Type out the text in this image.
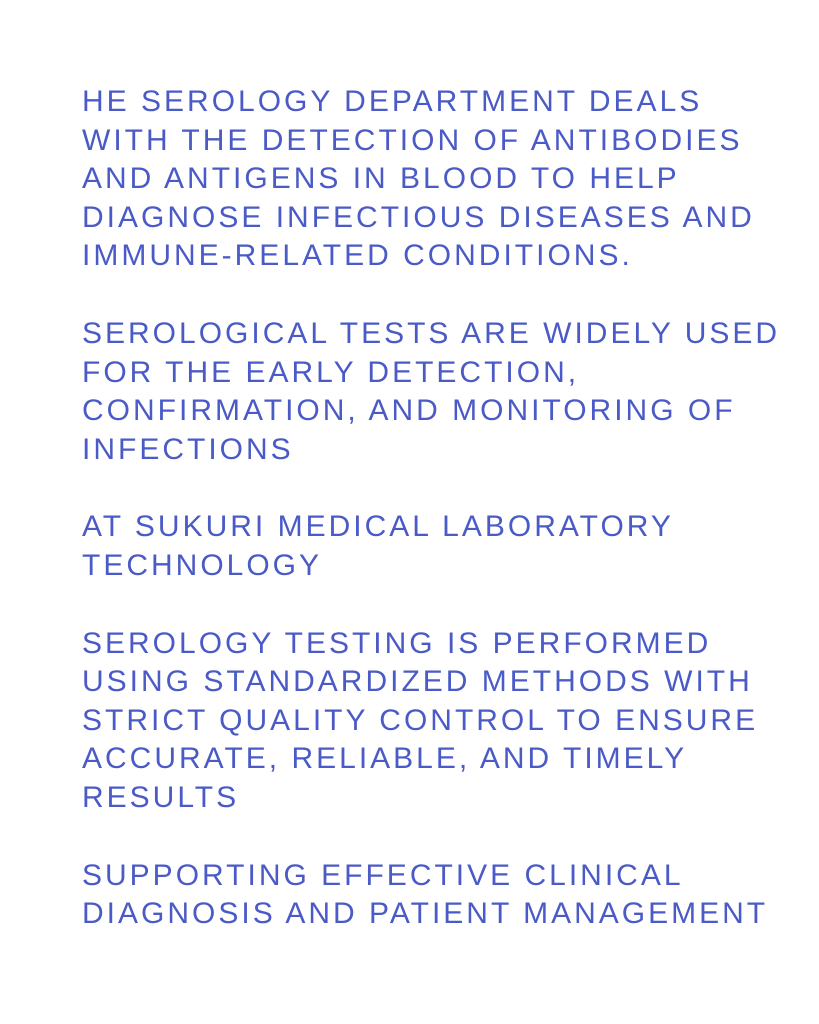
HE SEROLOGY DEPARTMENT DEALS
WITH THE DETECTION OF ANTIBODIES
AND ANTIGENS IN BLOOD TO HELP
DIAGNOSE INFECTIOUS DISEASES AND
IMMUNE-RELATED CONDITIONS.
SEROLOGICAL TESTS ARE WIDELY USED
FOR THE EARLY DETECTION,
CONFIRMATION, AND MONITORING OF
INFECTIONS
AT SUKURI MEDICAL LABORATORY
TECHNOLOGY
SEROLOGY TESTING IS PERFORMED
USING STANDARDIZED METHODS WITH
STRICT QUALITY CONTROL TO ENSURE
ACCURATE, RELIABLE, AND TIMELY
RESULTS
SUPPORTING EFFECTIVE CLINICAL
DIAGNOSIS AND PATIENT MANAGEMENT
